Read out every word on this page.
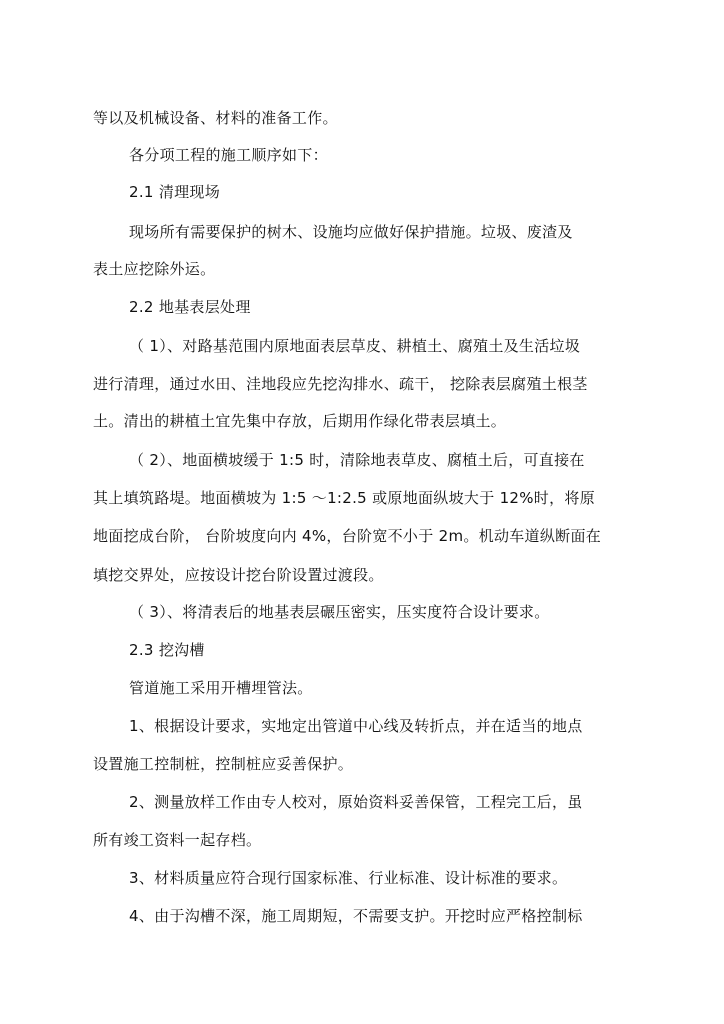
等以及机械设备、材料的准备工作。
各分项工程的施工顺序如下：
2.1 清理现场
现场所有需要保护的树木、设施均应做好保护措施。垃圾、废渣及
表土应挖除外运。
2.2 地基表层处理
（ 1）、对路基范围内原地面表层草皮、耕植土、腐殖土及生活垃圾
进行清理，通过水田、洼地段应先挖沟排水、疏干， 挖除表层腐殖土根茎
土。清出的耕植土宜先集中存放，后期用作绿化带表层填土。
（ 2）、地面横坡缓于 1:5 时，清除地表草皮、腐植土后，可直接在
其上填筑路堤。地面横坡为 1:5 ～1:2.5 或原地面纵坡大于 12%时，将原
地面挖成台阶， 台阶坡度向内 4%，台阶宽不小于 2m。机动车道纵断面在
填挖交界处，应按设计挖台阶设置过渡段。
（ 3）、将清表后的地基表层碾压密实，压实度符合设计要求。
2.3 挖沟槽
管道施工采用开槽埋管法。
1、根据设计要求，实地定出管道中心线及转折点，并在适当的地点
设置施工控制桩，控制桩应妥善保护。
2、测量放样工作由专人校对，原始资料妥善保管，工程完工后，虽
所有竣工资料一起存档。
3、材料质量应符合现行国家标准、行业标准、设计标准的要求。
4、由于沟槽不深，施工周期短，不需要支护。开挖时应严格控制标
